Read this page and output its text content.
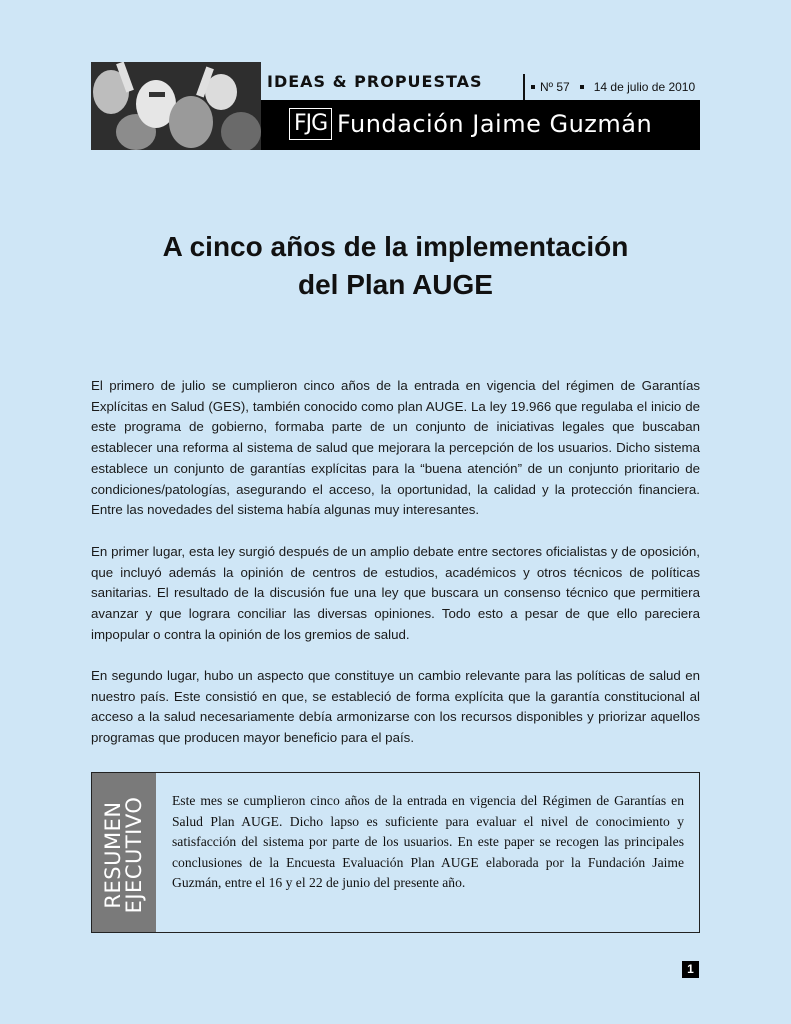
IDEAS & PROPUESTAS	Nº 57 14 de julio de 2010
FJG Fundación Jaime Guzmán
A cinco años de la implementación
del Plan AUGE

El primero de julio se cumplieron cinco años de la entrada en vigencia del régimen de Garantías Explícitas en Salud (GES), también conocido como plan AUGE. La ley 19.966 que regulaba el inicio de este programa de gobierno, formaba parte de un conjunto de iniciativas legales que buscaban establecer una reforma al sistema de salud que mejorara la percepción de los usuarios. Dicho sistema establece un conjunto de garantías explícitas para la “buena atención” de un conjunto prioritario de condiciones/patologías, asegurando el acceso, la oportunidad, la calidad y la protección financiera. Entre las novedades del sistema había algunas muy interesantes.

En primer lugar, esta ley surgió después de un amplio debate entre sectores oficialistas y de oposición, que incluyó además la opinión de centros de estudios, académicos y otros técnicos de políticas sanitarias. El resultado de la discusión fue una ley que buscara un consenso técnico que permitiera avanzar y que lograra conciliar las diversas opiniones. Todo esto a pesar de que ello pareciera impopular o contra la opinión de los gremios de salud.

En segundo lugar, hubo un aspecto que constituye un cambio relevante para las políticas de salud en nuestro país. Este consistió en que, se estableció de forma explícita que la garantía constitucional al acceso a la salud necesariamente debía armonizarse con los recursos disponibles y priorizar aquellos programas que producen mayor beneficio para el país.

RESUMEN
EJECUTIVO Este mes se cumplieron cinco años de la entrada en vigencia del Régimen de Garantías en Salud Plan AUGE. Dicho lapso es suficiente para evaluar el nivel de conocimiento y satisfacción del sistema por parte de los usuarios. En este paper se recogen las principales conclusiones de la Encuesta Evaluación Plan AUGE elaborada por la Fundación Jaime Guzmán, entre el 16 y el 22 de junio del presente año.

1
